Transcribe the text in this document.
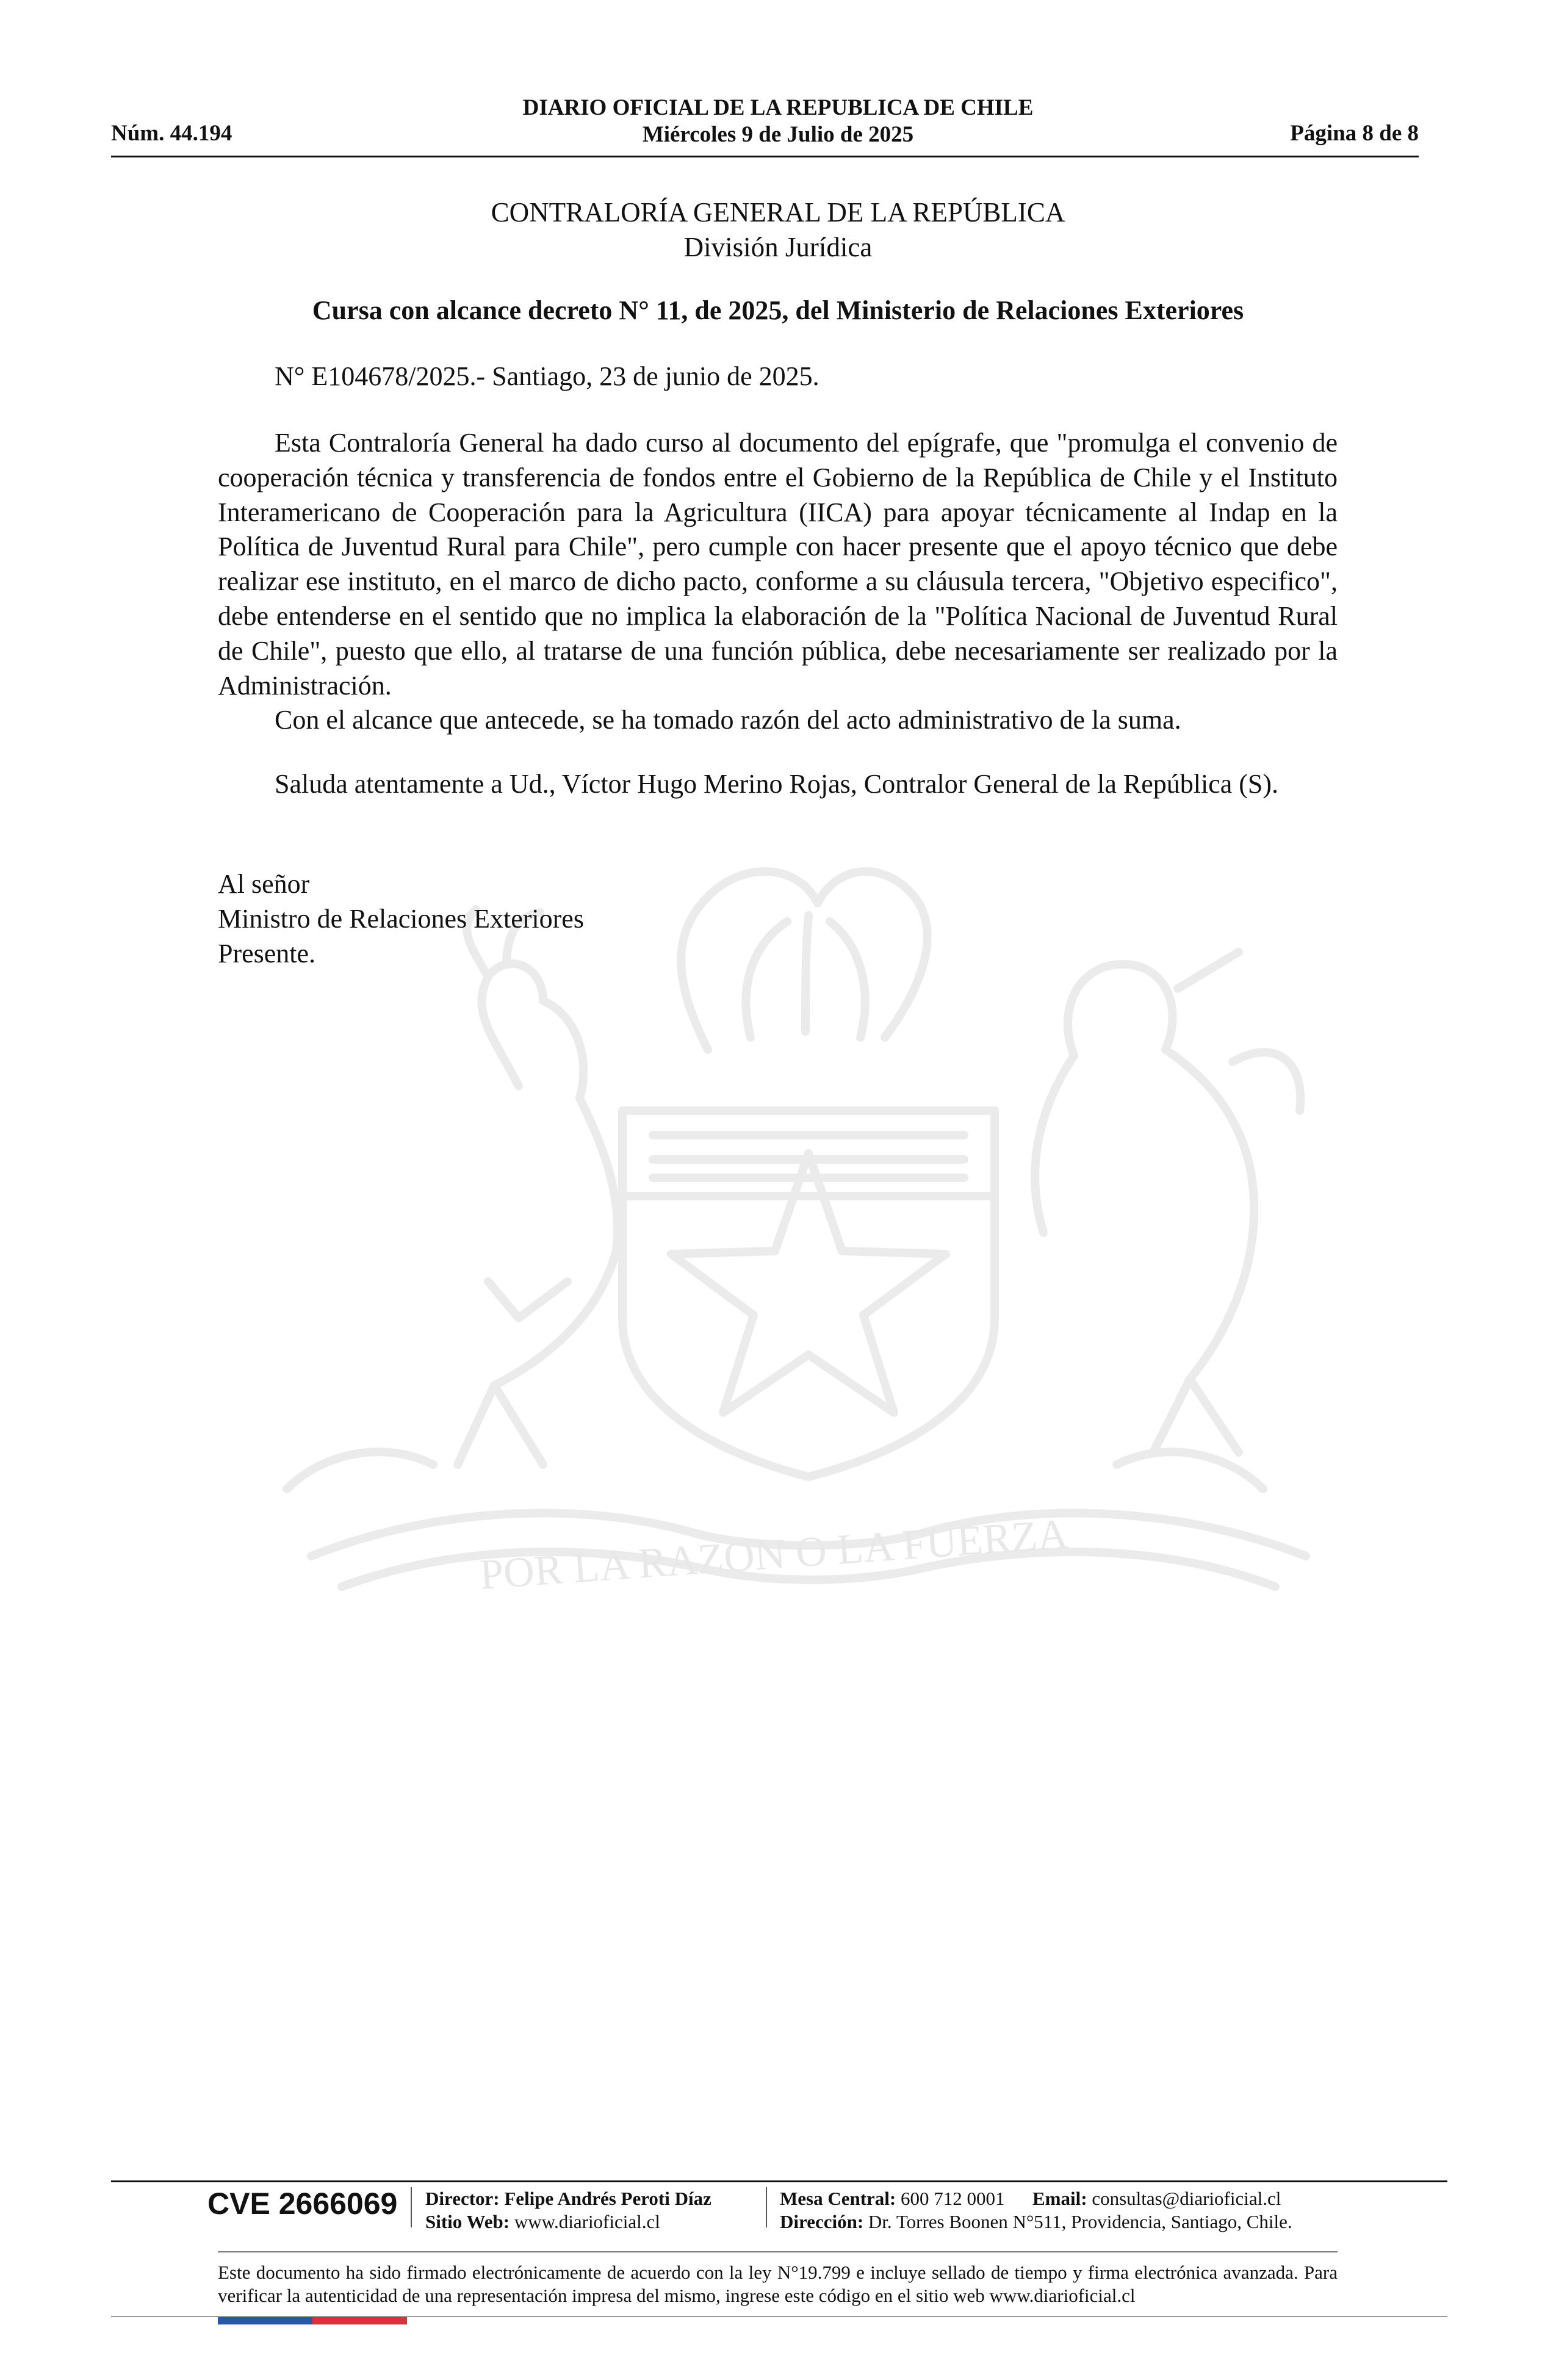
DIARIO OFICIAL DE LA REPUBLICA DE CHILE
Miércoles 9 de Julio de 2025
Núm. 44.194	Página 8 de 8
POR LA RAZON O LA FUERZA
CONTRALORÍA GENERAL DE LA REPÚBLICA
División Jurídica
Cursa con alcance decreto N° 11, de 2025, del Ministerio de Relaciones Exteriores
N° E104678/2025.- Santiago, 23 de junio de 2025.
Esta Contraloría General ha dado curso al documento del epígrafe, que "promulga el convenio de cooperación técnica y transferencia de fondos entre el Gobierno de la República de Chile y el Instituto Interamericano de Cooperación para la Agricultura (IICA) para apoyar técnicamente al Indap en la Política de Juventud Rural para Chile", pero cumple con hacer presente que el apoyo técnico que debe realizar ese instituto, en el marco de dicho pacto, conforme a su cláusula tercera, "Objetivo especifico", debe entenderse en el sentido que no implica la elaboración de la "Política Nacional de Juventud Rural de Chile", puesto que ello, al tratarse de una función pública, debe necesariamente ser realizado por la Administración.
Con el alcance que antecede, se ha tomado razón del acto administrativo de la suma.
Saluda atentamente a Ud., Víctor Hugo Merino Rojas, Contralor General de la República (S).
Al señor
Ministro de Relaciones Exteriores
Presente.
CVE 2666069 Director: Felipe Andrés Peroti Díaz
Sitio Web: www.diarioficial.cl
Mesa Central: 600 712 0001 Email: consultas@diarioficial.cl
Dirección: Dr. Torres Boonen N°511, Providencia, Santiago, Chile.
Este documento ha sido firmado electrónicamente de acuerdo con la ley N°19.799 e incluye sellado de tiempo y firma electrónica avanzada. Para verificar la autenticidad de una representación impresa del mismo, ingrese este código en el sitio web www.diarioficial.cl
